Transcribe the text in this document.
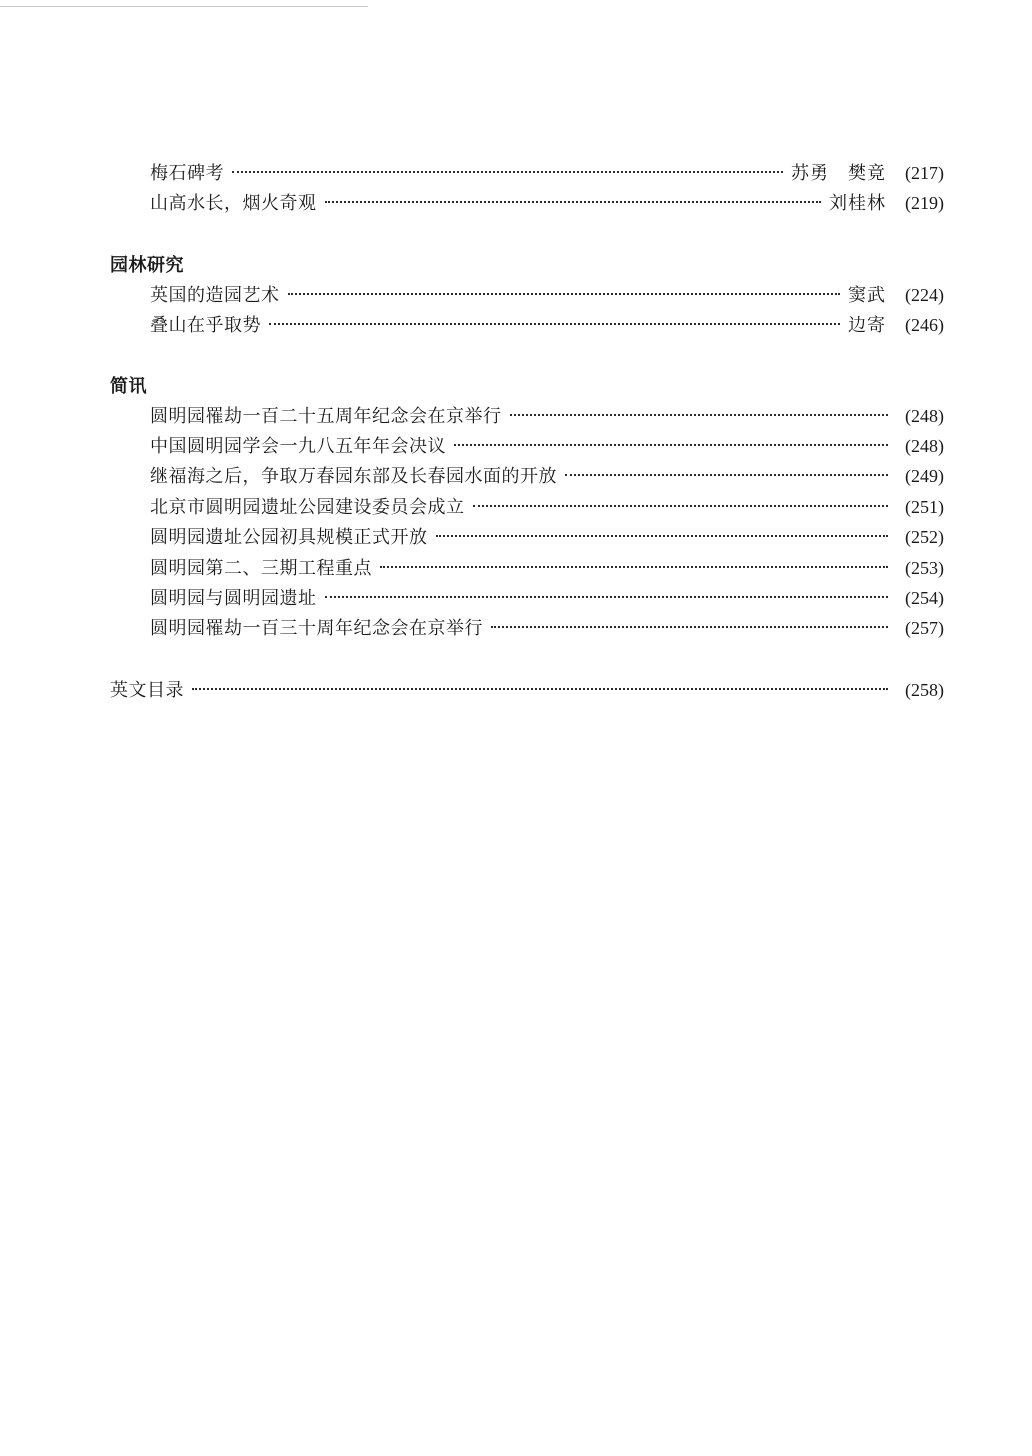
梅石碑考	苏勇　樊竟	(217)
山高水长，烟火奇观	刘桂林	(219)
园林研究
英国的造园艺术	窦武	(224)
叠山在乎取势	边寄	(246)
简讯
圆明园罹劫一百二十五周年纪念会在京举行	(248)
中国圆明园学会一九八五年年会决议	(248)
继福海之后，争取万春园东部及长春园水面的开放	(249)
北京市圆明园遗址公园建设委员会成立	(251)
圆明园遗址公园初具规模正式开放	(252)
圆明园第二、三期工程重点	(253)
圆明园与圆明园遗址	(254)
圆明园罹劫一百三十周年纪念会在京举行	(257)
英文目录	(258)
